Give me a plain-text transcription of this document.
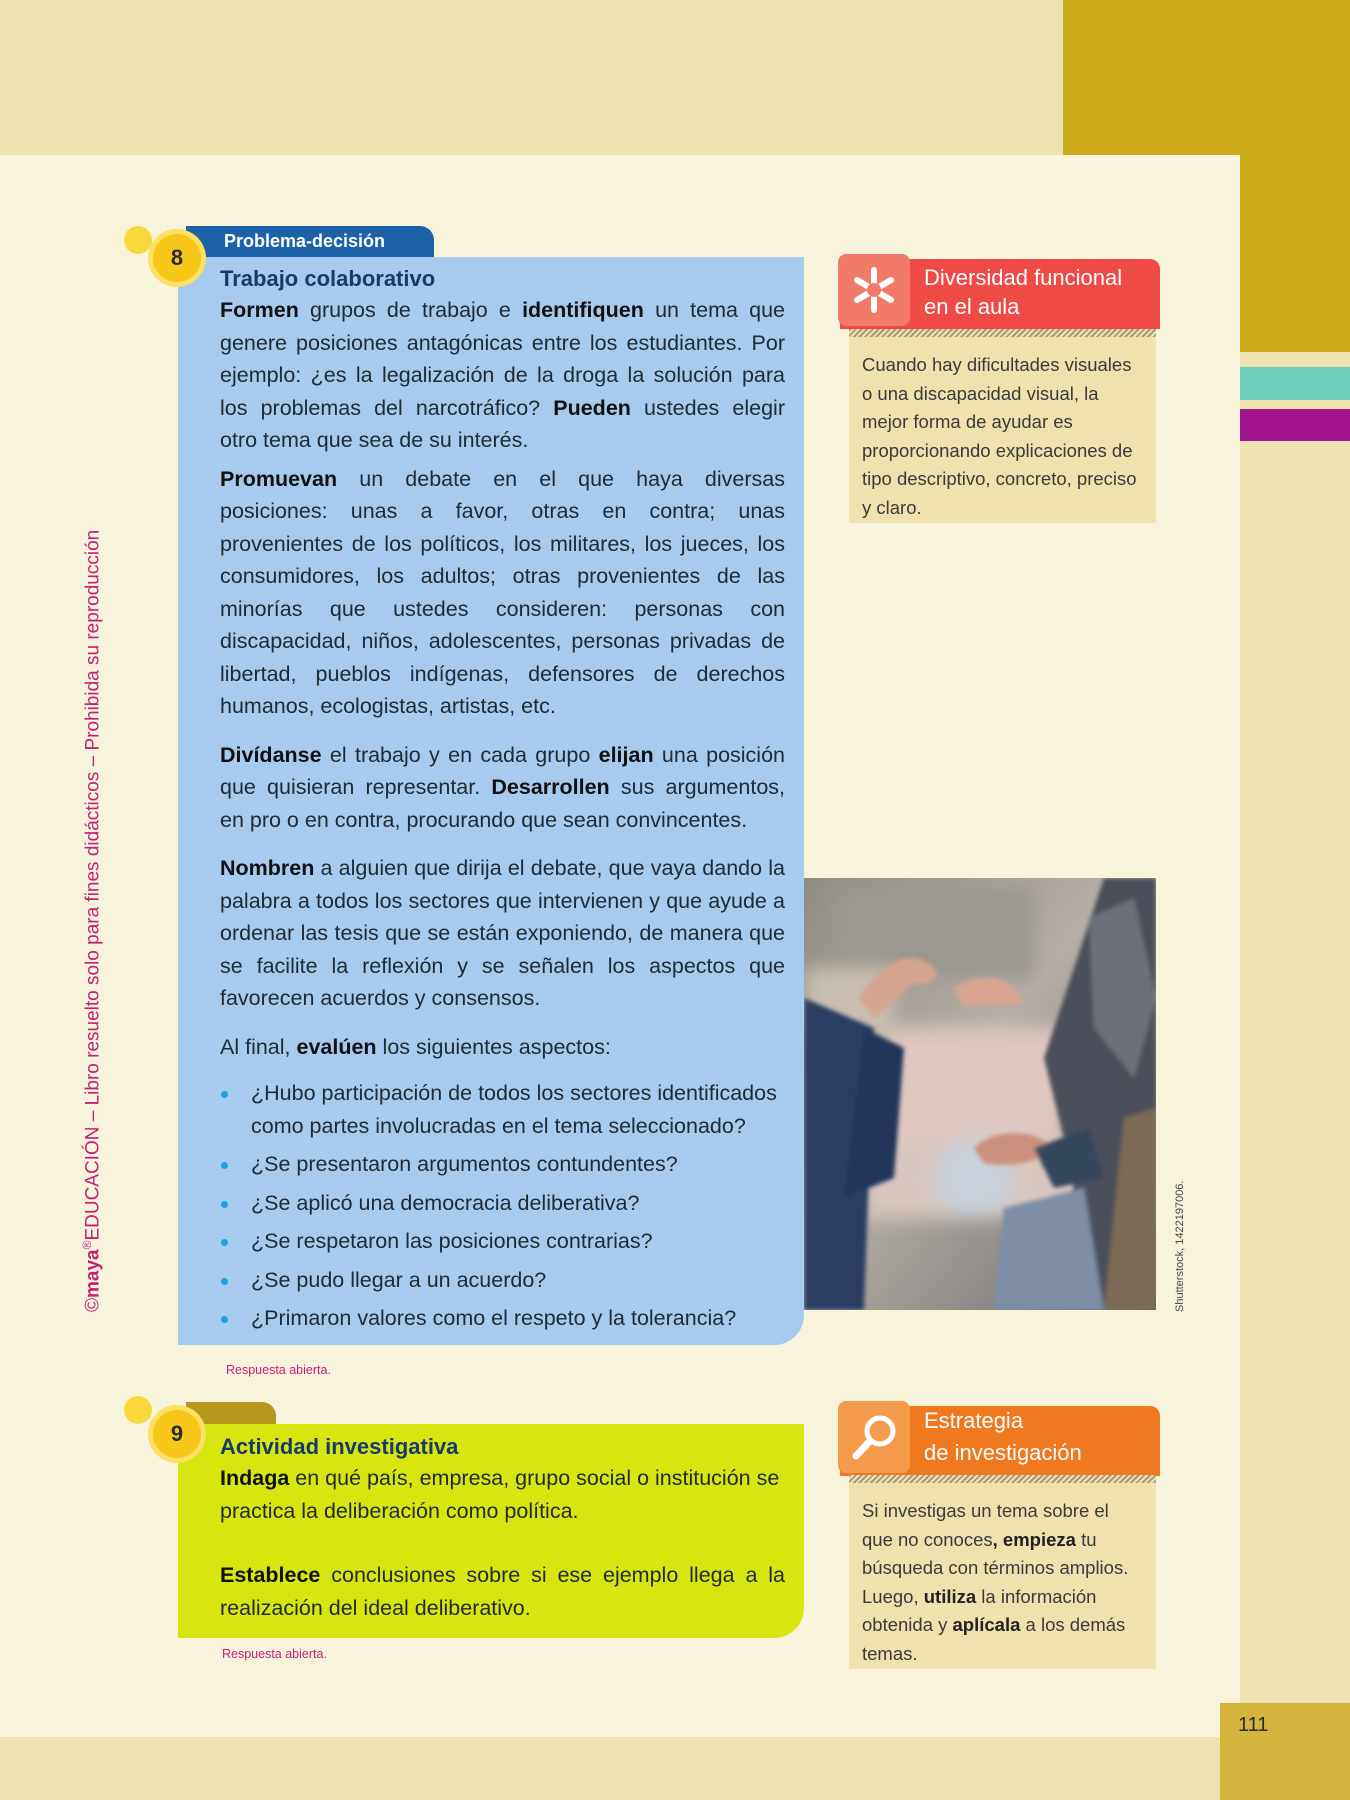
111
©maya®EDUCACIÓN – Libro resuelto solo para fines didácticos – Prohibida su reproducción
Problema-decisión
8

Trabajo colaborativo

Formen grupos de trabajo e identifiquen un tema que genere posiciones antagónicas entre los estudiantes. Por ejemplo: ¿es la legalización de la droga la solución para los problemas del narcotráfico? Pueden ustedes elegir otro tema que sea de su interés.

Promuevan un debate en el que haya diversas posiciones: unas a favor, otras en contra; unas provenientes de los políticos, los militares, los jueces, los consumidores, los adultos; otras provenientes de las minorías que ustedes consideren: personas con discapacidad, niños, adolescentes, personas privadas de libertad, pueblos indígenas, defensores de derechos humanos, ecologistas, artistas, etc.

Divídanse el trabajo y en cada grupo elijan una posición que quisieran representar. Desarrollen sus argumentos, en pro o en contra, procurando que sean convincentes.

Nombren a alguien que dirija el debate, que vaya dando la palabra a todos los sectores que intervienen y que ayude a ordenar las tesis que se están exponiendo, de manera que se facilite la reflexión y se señalen los aspectos que favorecen acuerdos y consensos.

Al final, evalúen los siguientes aspectos:

¿Hubo participación de todos los sectores identificados como partes involucradas en el tema seleccionado?
¿Se presentaron argumentos contundentes?
¿Se aplicó una democracia deliberativa?
¿Se respetaron las posiciones contrarias?
¿Se pudo llegar a un acuerdo?
¿Primaron valores como el respeto y la tolerancia?
Respuesta abierta.
9

Actividad investigativa

Indaga en qué país, empresa, grupo social o institución se practica la deliberación como política.

Establece conclusiones sobre si ese ejemplo llega a la realización del ideal deliberativo.

Respuesta abierta.
Diversidad funcional
en el aula
Cuando hay dificultades visuales o una discapacidad visual, la mejor forma de ayudar es proporcionando explicaciones de tipo descriptivo, concreto, preciso y claro.
Estrategia
de investigación
Si investigas un tema sobre el que no conoces, empieza tu búsqueda con términos amplios. Luego, utiliza la información obtenida y aplícala a los demás temas.
Shutterstock, 1422197006.
